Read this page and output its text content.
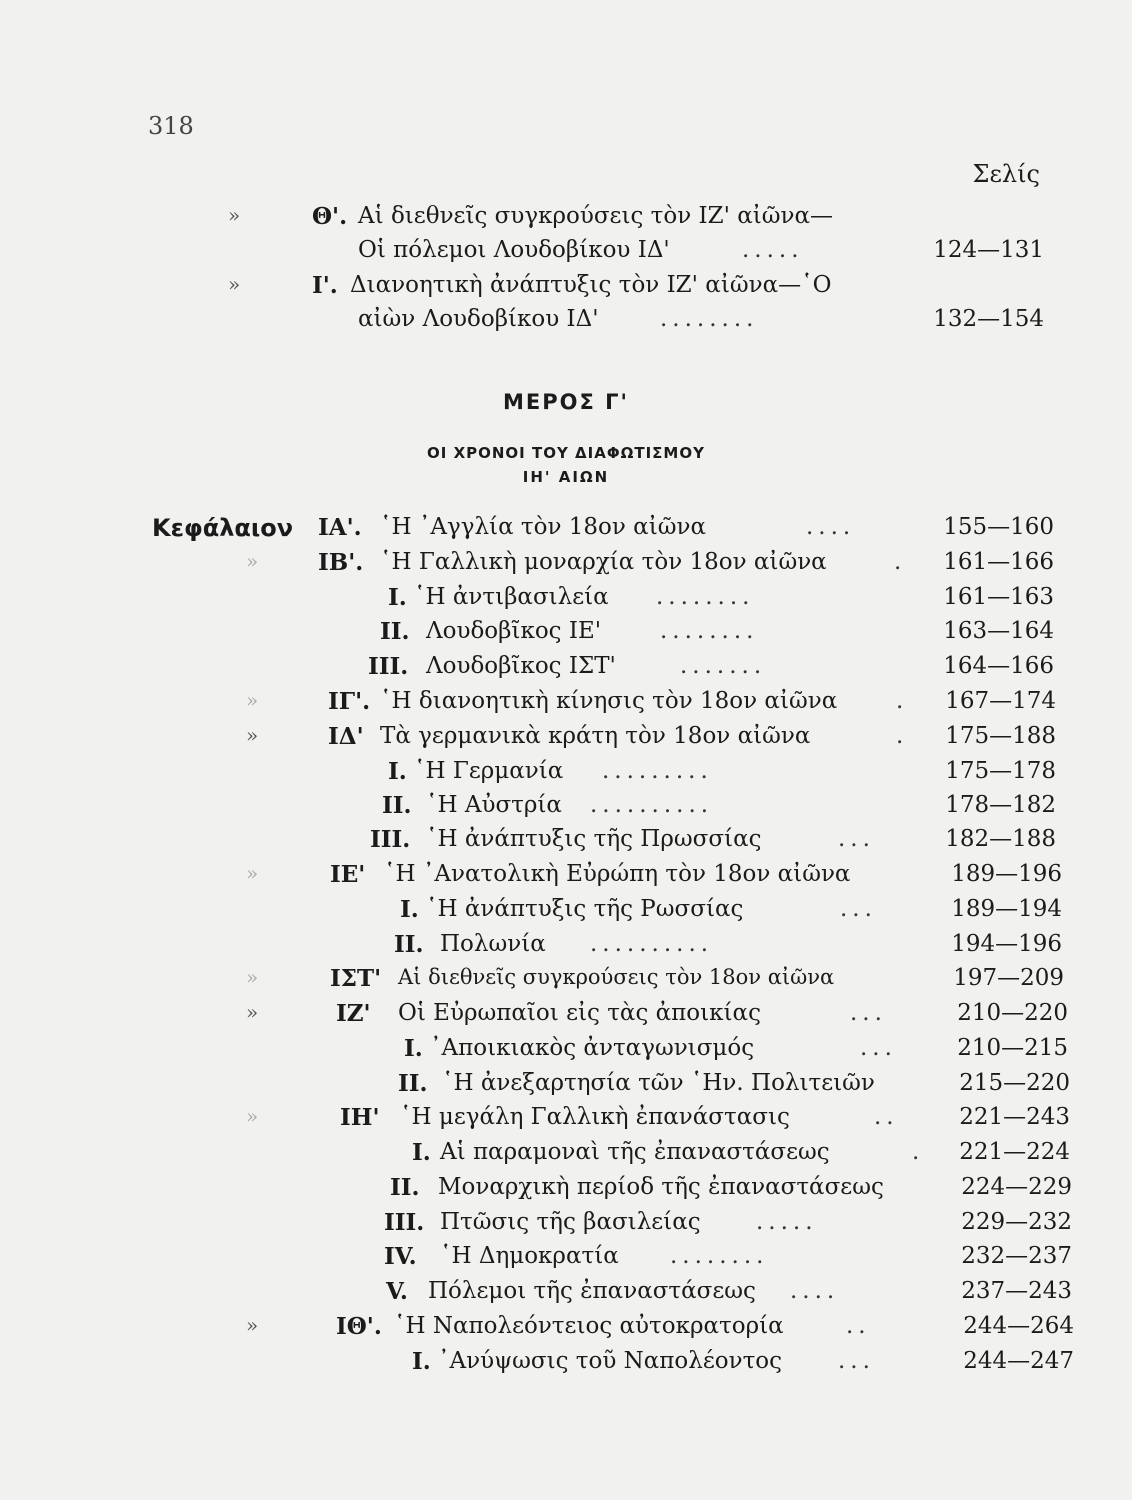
318
Σελίς
»	Θ'. Αἱ διεθνεῖς συγκρούσεις τὸν ΙΖ' αἰῶνα—
Οἱ πόλεμοι Λουδοβίκου ΙΔ'	.....	124—131
»	Ι'. Διανοητικὴ ἀνάπτυξις τὸν ΙΖ' αἰῶνα—῾Ο
αἰὼν Λουδοβίκου ΙΔ'	........	132—154
ΜΕΡΟΣ Γ'
ΟΙ ΧΡΟΝΟΙ ΤΟΥ ΔΙΑΦΩΤΙΣΜΟΥ
ΙΗ' ΑΙΩΝ
Κεφάλαιον ΙΑ'. ῾Η ᾿Αγγλία τὸν 18ον αἰῶνα	....	155—160
»	ΙΒ'. ῾Η Γαλλικὴ μοναρχία τὸν 18ον αἰῶνα	. 161—166
Ι. ῾Η ἀντιβασιλεία ........	161—163
ΙΙ. Λουδοβῖκος ΙΕ'	........	163—164
ΙΙΙ. Λουδοβῖκος ΙΣΤ'	.......	164—166
»	ΙΓ'. ῾Η διανοητικὴ κίνησις τὸν 18ον αἰῶνα	. 167—174
»	ΙΔ' Τὰ γερμανικὰ κράτη τὸν 18ον αἰῶνα	. 175—188
Ι. ῾Η Γερμανία .........	175—178
ΙΙ. ῾Η Αὐστρία ..........	178—182
ΙΙΙ. ῾Η ἀνάπτυξις τῆς Πρωσσίας	...	182—188
»	ΙΕ' ῾Η ᾿Ανατολικὴ Εὐρώπη τὸν 18ον αἰῶνα	189—196
Ι. ῾Η ἀνάπτυξις τῆς Ρωσσίας	...	189—194
ΙΙ. Πολωνία ..........	194—196
»	ΙΣΤ' Αἱ διεθνεῖς συγκρούσεις τὸν 18ον αἰῶνα	197—209
»	ΙΖ' Οἱ Εὐρωπαῖοι εἰς τὰς ἀποικίας	...	210—220
Ι. ᾿Αποικιακὸς ἀνταγωνισμός	...	210—215
ΙΙ. ῾Η ἀνεξαρτησία τῶν ῾Ην. Πολιτειῶν	215—220
»	ΙΗ' ῾Η μεγάλη Γαλλικὴ ἐπανάστασις	..	221—243
Ι. Αἱ παραμοναὶ τῆς ἐπαναστάσεως	. 221—224
ΙΙ. Μοναρχικὴ περίοδ τῆς ἐπαναστάσεως	224—229
ΙΙΙ. Πτῶσις τῆς βασιλείας .....	229—232
IV. ῾Η Δημοκρατία ........	232—237
V. Πόλεμοι τῆς ἐπαναστάσεως ....	237—243
»	ΙΘ'. ῾Η Ναπολεόντειος αὐτοκρατορία	..	244—264
Ι. ᾿Ανύψωσις τοῦ Ναπολέοντος ...	244—247
